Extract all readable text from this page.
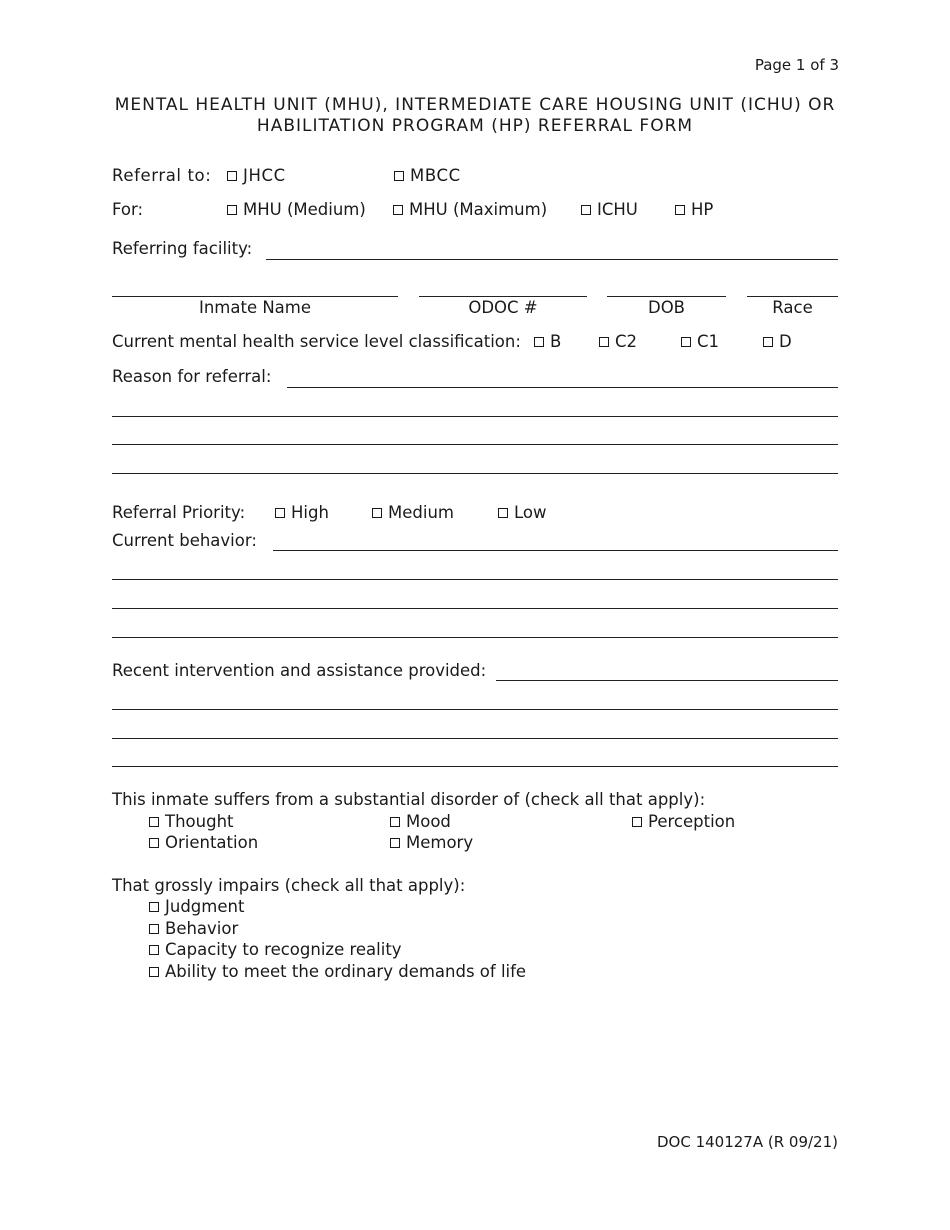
Page 1 of 3
MENTAL HEALTH UNIT (MHU), INTERMEDIATE CARE HOUSING UNIT (ICHU) OR
HABILITATION PROGRAM (HP) REFERRAL FORM
Referral to:	JHCC	MBCC
For:	MHU (Medium)	MHU (Maximum)	ICHU	HP
Referring facility:
Inmate Name	ODOC #	DOB	Race
Current mental health service level classification:	B	C2	C1	D
Reason for referral:
Referral Priority:	High	Medium	Low
Current behavior:
Recent intervention and assistance provided:
This inmate suffers from a substantial disorder of (check all that apply):
Thought	Mood	Perception
Orientation	Memory
That grossly impairs (check all that apply):
Judgment
Behavior
Capacity to recognize reality
Ability to meet the ordinary demands of life
DOC 140127A (R 09/21)
